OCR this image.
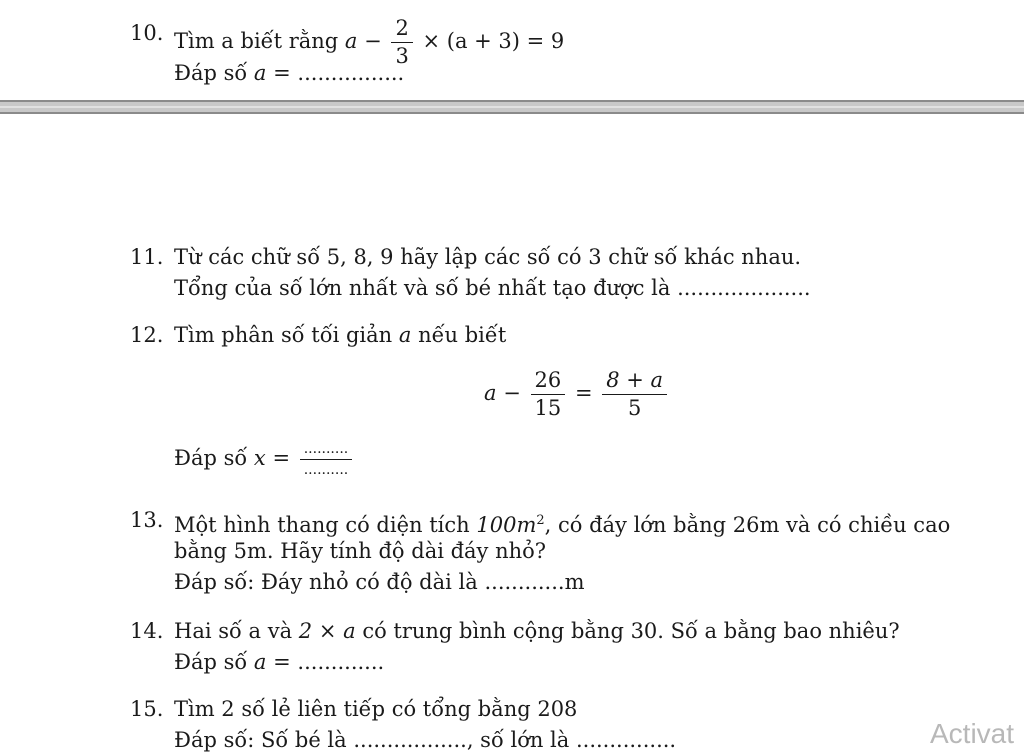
10. Tìm a biết rằng $a - \frac{2}{3} \times (a + 3) = 9$
Đáp số a = ................
11. Từ các chữ số 5, 8, 9 hãy lập các số có 3 chữ số khác nhau.
Tổng của số lớn nhất và số bé nhất tạo được là ....................
12. Tìm phân số tối giản a nếu biết
$a - \frac{26}{15} = \frac{8 + a}{5}$
Đáp số $x = \frac{..........}{..........}$
13. Một hình thang có diện tích $100m^2$, có đáy lớn bằng 26m và có chiều cao
bằng 5m. Hãy tính độ dài đáy nhỏ?
Đáp số: Đáy nhỏ có độ dài là ............m
14. Hai số a và 2 × a có trung bình cộng bằng 30. Số a bằng bao nhiêu?
Đáp số a = .............
15. Tìm 2 số lẻ liên tiếp có tổng bằng 208
Đáp số: Số bé là ................., số lớn là ...............	Activat
